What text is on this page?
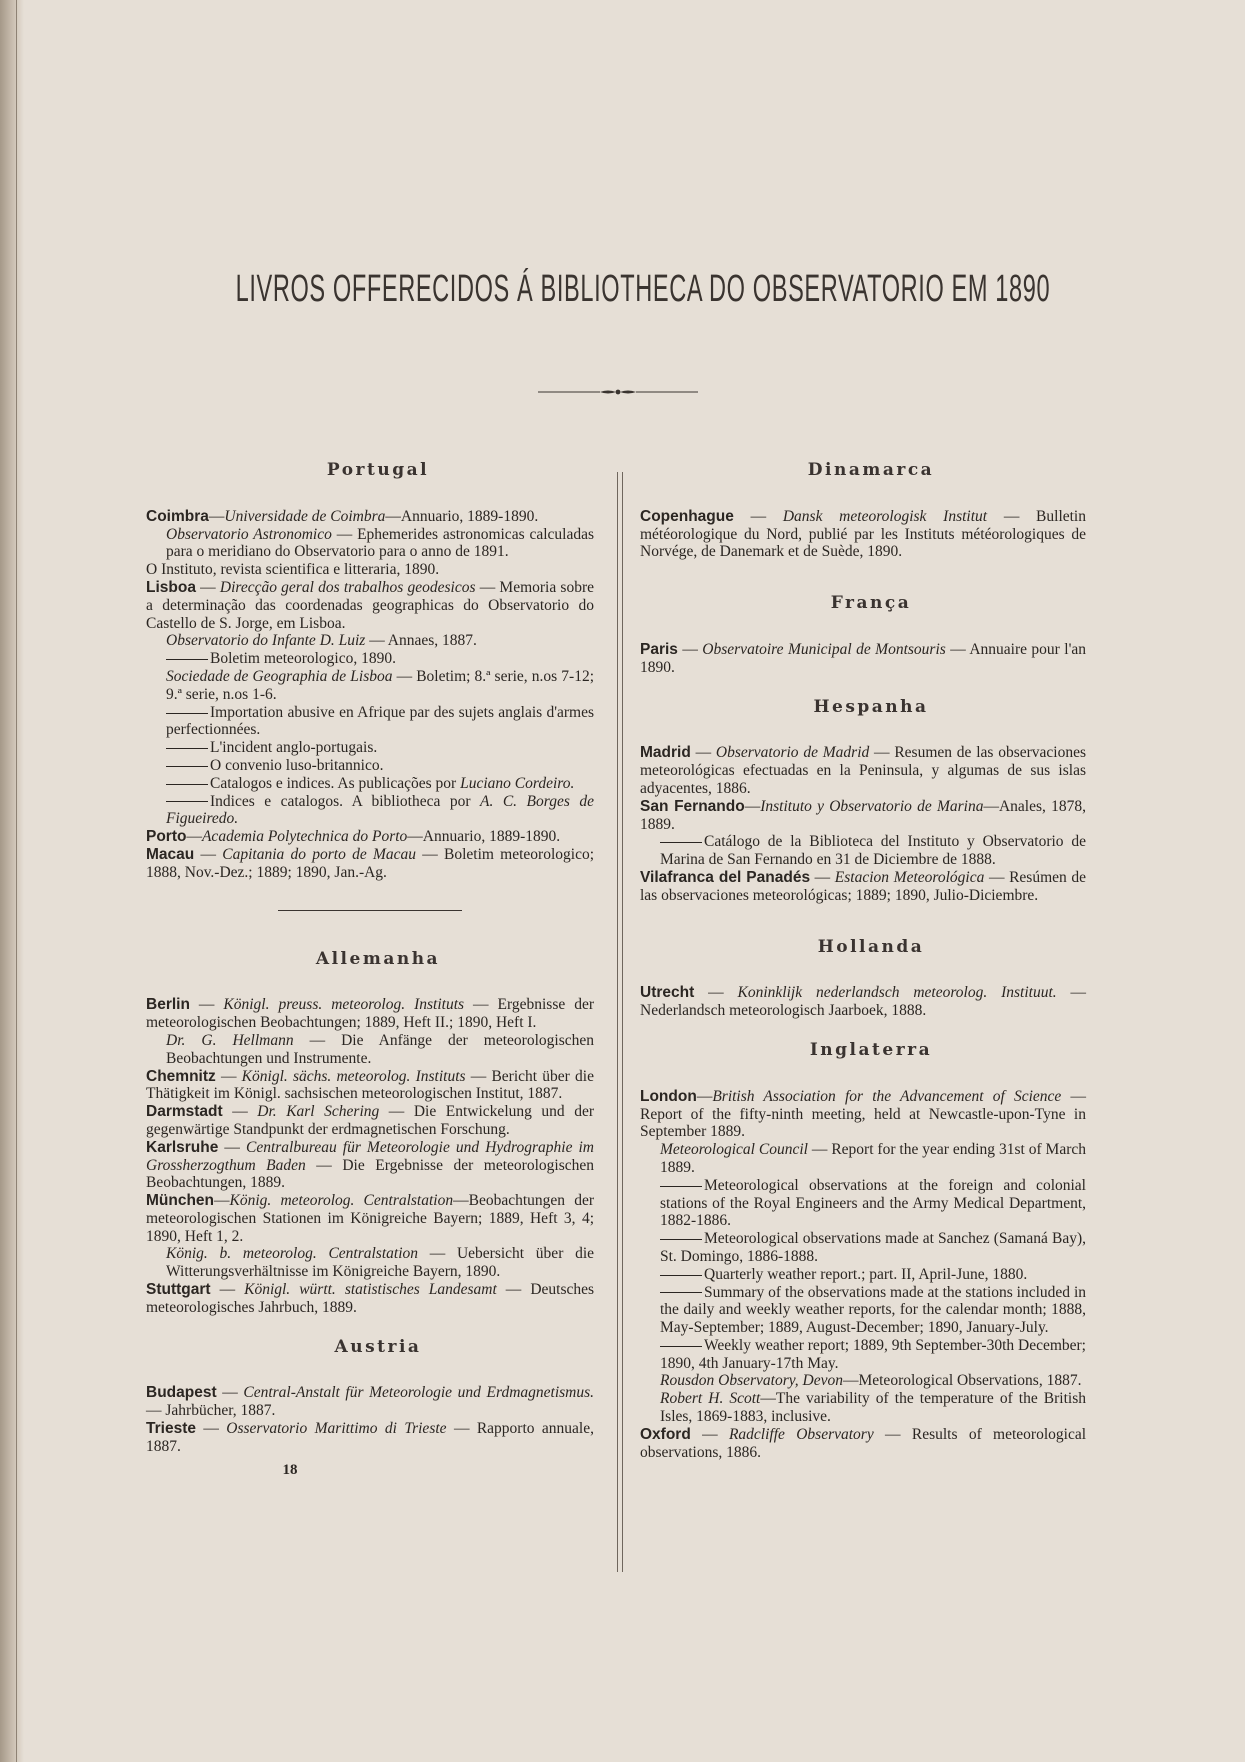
LIVROS OFFERECIDOS Á BIBLIOTHECA DO OBSERVATORIO EM 1890
Portugal

Coimbra—Universidade de Coimbra—Annuario, 1889-1890.

Observatorio Astronomico — Ephemerides astronomicas calculadas para o meridiano do Observatorio para o anno de 1891.

O Instituto, revista scientifica e litteraria, 1890.

Lisboa — Direcção geral dos trabalhos geodesicos — Memoria sobre a determinação das coordenadas geographicas do Observatorio do Castello de S. Jorge, em Lisboa.

Observatorio do Infante D. Luiz — Annaes, 1887.

Boletim meteorologico, 1890.

Sociedade de Geographia de Lisboa — Boletim; 8.ª serie, n.os 7-12; 9.ª serie, n.os 1-6.

Importation abusive en Afrique par des sujets anglais d'armes perfectionnées.

L'incident anglo-portugais.

O convenio luso-britannico.

Catalogos e indices. As publicações por Luciano Cordeiro.

Indices e catalogos. A bibliotheca por A. C. Borges de Figueiredo.

Porto—Academia Polytechnica do Porto—Annuario, 1889-1890.

Macau — Capitania do porto de Macau — Boletim meteorologico; 1888, Nov.-Dez.; 1889; 1890, Jan.-Ag.

Allemanha

Berlin — Königl. preuss. meteorolog. Instituts — Ergebnisse der meteorologischen Beobachtungen; 1889, Heft II.; 1890, Heft I.

Dr. G. Hellmann — Die Anfänge der meteorologischen Beobachtungen und Instrumente.

Chemnitz — Königl. sächs. meteorolog. Instituts — Bericht über die Thätigkeit im Königl. sachsischen meteorologischen Institut, 1887.

Darmstadt — Dr. Karl Schering — Die Entwickelung und der gegenwärtige Standpunkt der erdmagnetischen Forschung.

Karlsruhe — Centralbureau für Meteorologie und Hydrographie im Grossherzogthum Baden — Die Ergebnisse der meteorologischen Beobachtungen, 1889.

München—König. meteorolog. Centralstation—Beobachtungen der meteorologischen Stationen im Königreiche Bayern; 1889, Heft 3, 4; 1890, Heft 1, 2.

König. b. meteorolog. Centralstation — Uebersicht über die Witterungsverhältnisse im Königreiche Bayern, 1890.

Stuttgart — Königl. württ. statistisches Landesamt — Deutsches meteorologisches Jahrbuch, 1889.

Austria

Budapest — Central-Anstalt für Meteorologie und Erdmagnetismus. — Jahrbücher, 1887.

Trieste — Osservatorio Marittimo di Trieste — Rapporto annuale, 1887.

18
Dinamarca

Copenhague — Dansk meteorologisk Institut — Bulletin météorologique du Nord, publié par les Instituts météorologiques de Norvége, de Danemark et de Suède, 1890.

França

Paris — Observatoire Municipal de Montsouris — Annuaire pour l'an 1890.

Hespanha

Madrid — Observatorio de Madrid — Resumen de las observaciones meteorológicas efectuadas en la Peninsula, y algumas de sus islas adyacentes, 1886.

San Fernando—Instituto y Observatorio de Marina—Anales, 1878, 1889.

Catálogo de la Biblioteca del Instituto y Observatorio de Marina de San Fernando en 31 de Diciembre de 1888.

Vilafranca del Panadés — Estacion Meteorológica — Resúmen de las observaciones meteorológicas; 1889; 1890, Julio-Diciembre.

Hollanda

Utrecht — Koninklijk nederlandsch meteorolog. Instituut. — Nederlandsch meteorologisch Jaarboek, 1888.

Inglaterra

London—British Association for the Advancement of Science — Report of the fifty-ninth meeting, held at Newcastle-upon-Tyne in September 1889.

Meteorological Council — Report for the year ending 31st of March 1889.

Meteorological observations at the foreign and colonial stations of the Royal Engineers and the Army Medical Department, 1882-1886.

Meteorological observations made at Sanchez (Samaná Bay), St. Domingo, 1886-1888.

Quarterly weather report.; part. II, April-June, 1880.

Summary of the observations made at the stations included in the daily and weekly weather reports, for the calendar month; 1888, May-September; 1889, August-December; 1890, January-July.

Weekly weather report; 1889, 9th September-30th December; 1890, 4th January-17th May.

Rousdon Observatory, Devon—Meteorological Observations, 1887.

Robert H. Scott—The variability of the temperature of the British Isles, 1869-1883, inclusive.

Oxford — Radcliffe Observatory — Results of meteorological observations, 1886.
